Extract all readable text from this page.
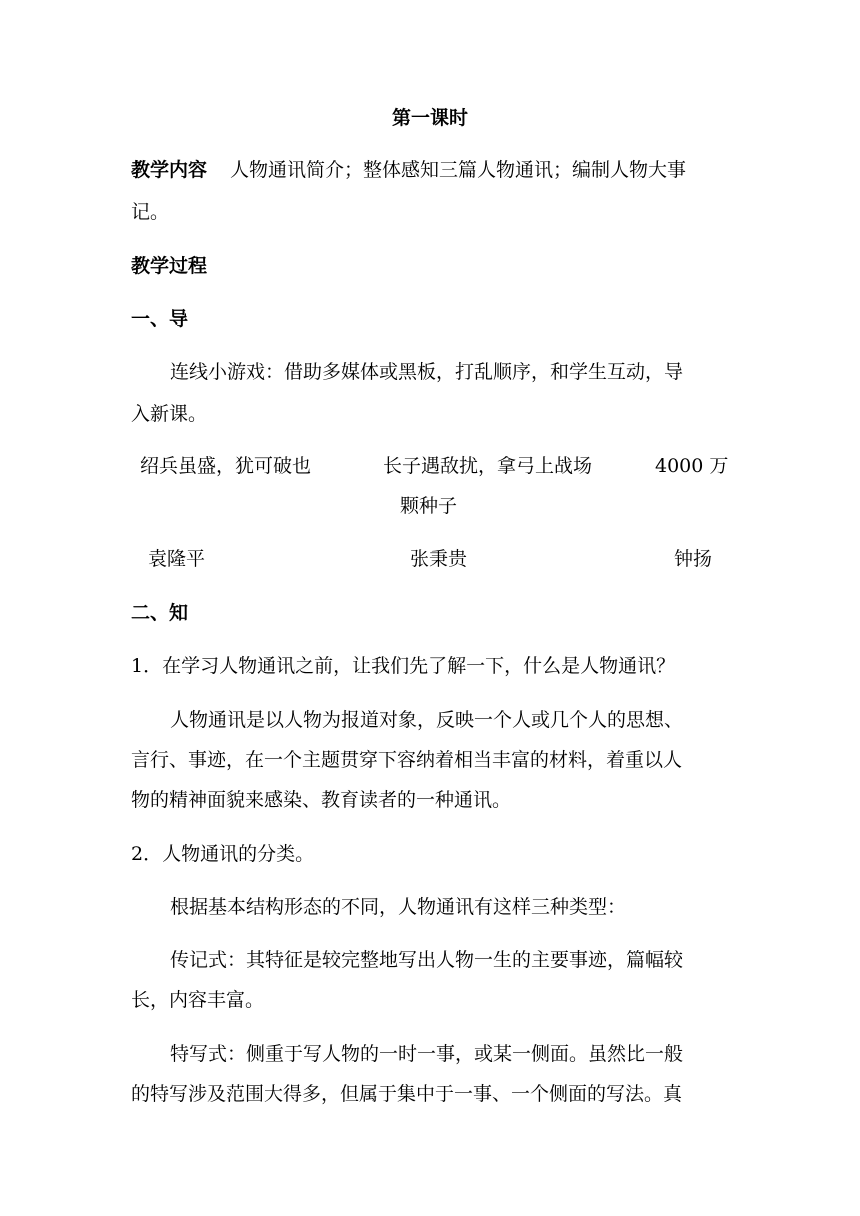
第一课时
教学内容 人物通讯简介；整体感知三篇人物通讯；编制人物大事
记。
教学过程
一、导
连线小游戏：借助多媒体或黑板，打乱顺序，和学生互动，导
入新课。
绍兵虽盛，犹可破也	长子遇敌扰，拿弓上战场	4000 万
颗种子
袁隆平	张秉贵	钟扬
二、知
1．在学习人物通讯之前，让我们先了解一下，什么是人物通讯？
人物通讯是以人物为报道对象，反映一个人或几个人的思想、
言行、事迹，在一个主题贯穿下容纳着相当丰富的材料，着重以人
物的精神面貌来感染、教育读者的一种通讯。
2．人物通讯的分类。
根据基本结构形态的不同，人物通讯有这样三种类型：
传记式：其特征是较完整地写出人物一生的主要事迹，篇幅较
长，内容丰富。
特写式：侧重于写人物的一时一事，或某一侧面。虽然比一般
的特写涉及范围大得多，但属于集中于一事、一个侧面的写法。真
